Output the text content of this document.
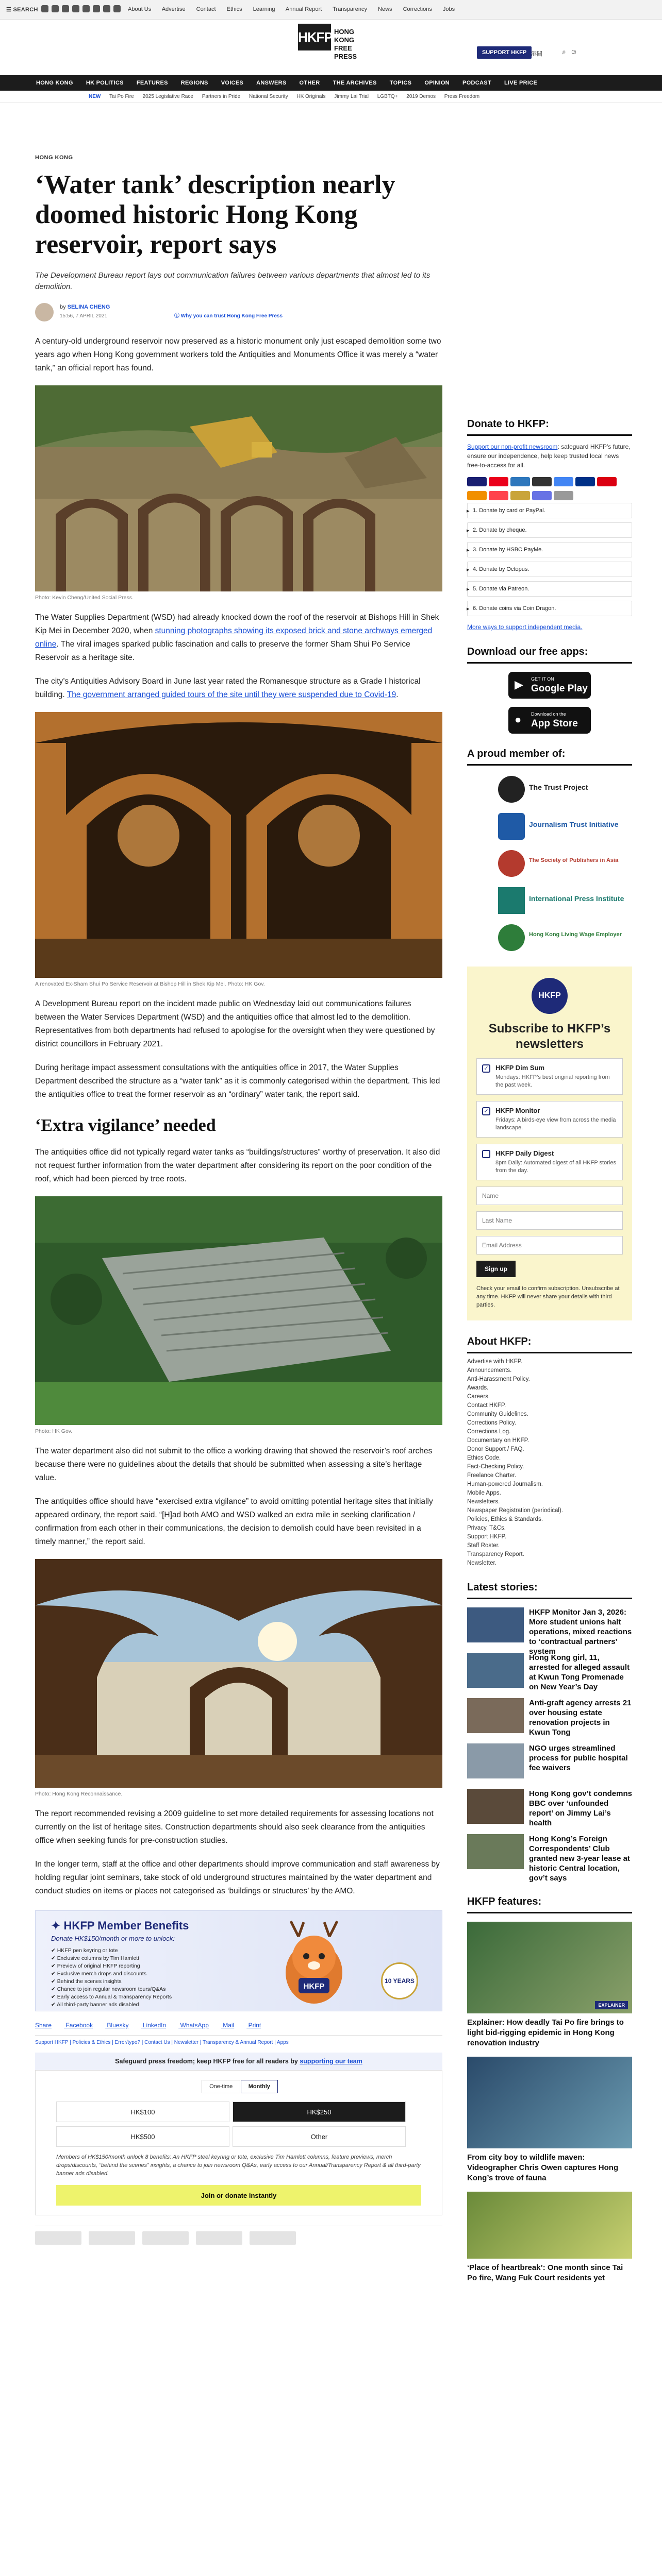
☰ SEARCH	About Us Advertise Contact Ethics Learning Annual Report Transparency News Corrections Jobs
HKFP HONG KONG
FREE PRESS	SUPPORT HKFP 港聞	⌕☺
HONG KONG HK POLITICS FEATURES REGIONS VOICES ANSWERS OTHER THE ARCHIVES TOPICS OPINION PODCAST LIVE PRICE
NEW Tai Po Fire 2025 Legislative Race Partners in Pride National Security HK Originals Jimmy Lai Trial LGBTQ+ 2019 Demos Press Freedom
HONG KONG
‘Water tank’ description nearly doomed historic Hong Kong reservoir, report says
The Development Bureau report lays out communication failures between various departments that almost led to its demolition.
by SELINA CHENG
15:56, 7 APRIL 2021	ⓘ Why you can trust Hong Kong Free Press

A century-old underground reservoir now preserved as a historic monument only just escaped demolition some two years ago when Hong Kong government workers told the Antiquities and Monuments Office it was merely a “water tank,” an official report has found.

Photo: Kevin Cheng/United Social Press.

The Water Supplies Department (WSD) had already knocked down the roof of the reservoir at Bishops Hill in Shek Kip Mei in December 2020, when stunning photographs showing its exposed brick and stone archways emerged online. The viral images sparked public fascination and calls to preserve the former Sham Shui Po Service Reservoir as a heritage site.

The city’s Antiquities Advisory Board in June last year rated the Romanesque structure as a Grade I historical building. The government arranged guided tours of the site until they were suspended due to Covid-19.

A renovated Ex-Sham Shui Po Service Reservoir at Bishop Hill in Shek Kip Mei. Photo: HK Gov.

A Development Bureau report on the incident made public on Wednesday laid out communications failures between the Water Services Department (WSD) and the antiquities office that almost led to the demolition. Representatives from both departments had refused to apologise for the oversight when they were questioned by district councillors in February 2021.

During heritage impact assessment consultations with the antiquities office in 2017, the Water Supplies Department described the structure as a “water tank” as it is commonly categorised within the department. This led the antiquities office to treat the former reservoir as an “ordinary” water tank, the report said.

‘Extra vigilance’ needed

The antiquities office did not typically regard water tanks as “buildings/structures” worthy of preservation. It also did not request further information from the water department after considering its report on the poor condition of the roof, which had been pierced by tree roots.

Photo: HK Gov.

The water department also did not submit to the office a working drawing that showed the reservoir’s roof arches because there were no guidelines about the details that should be submitted when assessing a site’s heritage value.

The antiquities office should have “exercised extra vigilance” to avoid omitting potential heritage sites that initially appeared ordinary, the report said. “[H]ad both AMO and WSD walked an extra mile in seeking clarification / confirmation from each other in their communications, the decision to demolish could have been revisited in a timely manner,” the report said.

Photo: Hong Kong Reconnaissance.

The report recommended revising a 2009 guideline to set more detailed requirements for assessing locations not currently on the list of heritage sites. Construction departments should also seek clearance from the antiquities office when seeking funds for pre-construction studies.

In the longer term, staff at the office and other departments should improve communication and staff awareness by holding regular joint seminars, take stock of old underground structures maintained by the water department and conduct studies on items or places not categorised as ‘buildings or structures’ by the AMO.

✦ HKFP Member Benefits
Donate HK$150/month or more to unlock:
✔ HKFP pen keyring or tote
✔ Exclusive columns by Tim Hamlett
✔ Preview of original HKFP reporting
✔ Exclusive merch drops and discounts
✔ Behind the scenes insights
✔ Chance to join regular newsroom tours/Q&As
✔ Early access to Annual & Transparency Reports
✔ All third-party banner ads disabled
HKFP
10 YEARS
Share Facebook Bluesky LinkedIn WhatsApp Mail Print
Support HKFP | Policies & Ethics | Error/typo? | Contact Us | Newsletter | Transparency & Annual Report | Apps
Safeguard press freedom; keep HKFP free for all readers by supporting our team
One-time	Monthly
HK$100	HK$250HK$500	Other
Members of HK$150/month unlock 8 benefits: An HKFP steel keyring or tote, exclusive Tim Hamlett columns, feature previews, merch drops/discounts, “behind the scenes” insights, a chance to join newsroom Q&As, early access to our Annual/Transparency Report & all third-party banner ads disabled.
Join or donate instantly
Donate to HKFP:
Support our non-profit newsroom: safeguard HKFP’s future, ensure our independence, help keep trusted local news free-to-access for all.
1. Donate by card or PayPal. ▸
2. Donate by cheque. ▸
3. Donate by HSBC PayMe. ▸
4. Donate by Octopus. ▸
5. Donate via Patreon. ▸
6. Donate coins via Coin Dragon. ▸
More ways to support independent media.
Download our free apps:
▶ GET IT ON
Google Play
● Download on the
App Store
A proud member of:
The Trust Project
Journalism Trust Initiative
The Society of Publishers in Asia
International Press Institute
Hong Kong Living Wage Employer
HKFP
Subscribe to HKFP’s newsletters
✓ HKFP Dim Sum
Mondays: HKFP’s best original reporting from the past week.
✓ HKFP Monitor
Fridays: A birds-eye view from across the media landscape.
HKFP Daily Digest
8pm Daily: Automated digest of all HKFP stories from the day.
Name Last Name Email Address Sign up
Check your email to confirm subscription. Unsubscribe at any time. HKFP will never share your details with third parties.
About HKFP:
Advertise with HKFP.
Announcements.
Anti-Harassment Policy.
Awards.
Careers.
Contact HKFP.
Community Guidelines.
Corrections Policy.
Corrections Log.
Documentary on HKFP.
Donor Support / FAQ.
Ethics Code.
Fact-Checking Policy.
Freelance Charter.
Human-powered Journalism.
Mobile Apps.
Newsletters.
Newspaper Registration (periodical).
Policies, Ethics & Standards.
Privacy, T&Cs.
Support HKFP.
Staff Roster.
Transparency Report.
Newsletter.
Latest stories:
HKFP Monitor Jan 3, 2026: More student unions halt operations, mixed reactions to ‘contractual partners’ system
Hong Kong girl, 11, arrested for alleged assault at Kwun Tong Promenade on New Year’s Day
Anti-graft agency arrests 21 over housing estate renovation projects in Kwun Tong
NGO urges streamlined process for public hospital fee waivers
Hong Kong gov’t condemns BBC over ‘unfounded report’ on Jimmy Lai’s health
Hong Kong’s Foreign Correspondents’ Club granted new 3-year lease at historic Central location, gov’t says
HKFP features:
EXPLAINER
Explainer: How deadly Tai Po fire brings to light bid-rigging epidemic in Hong Kong renovation industry
From city boy to wildlife maven: Videographer Chris Owen captures Hong Kong’s trove of fauna
‘Place of heartbreak’: One month since Tai Po fire, Wang Fuk Court residents yet
